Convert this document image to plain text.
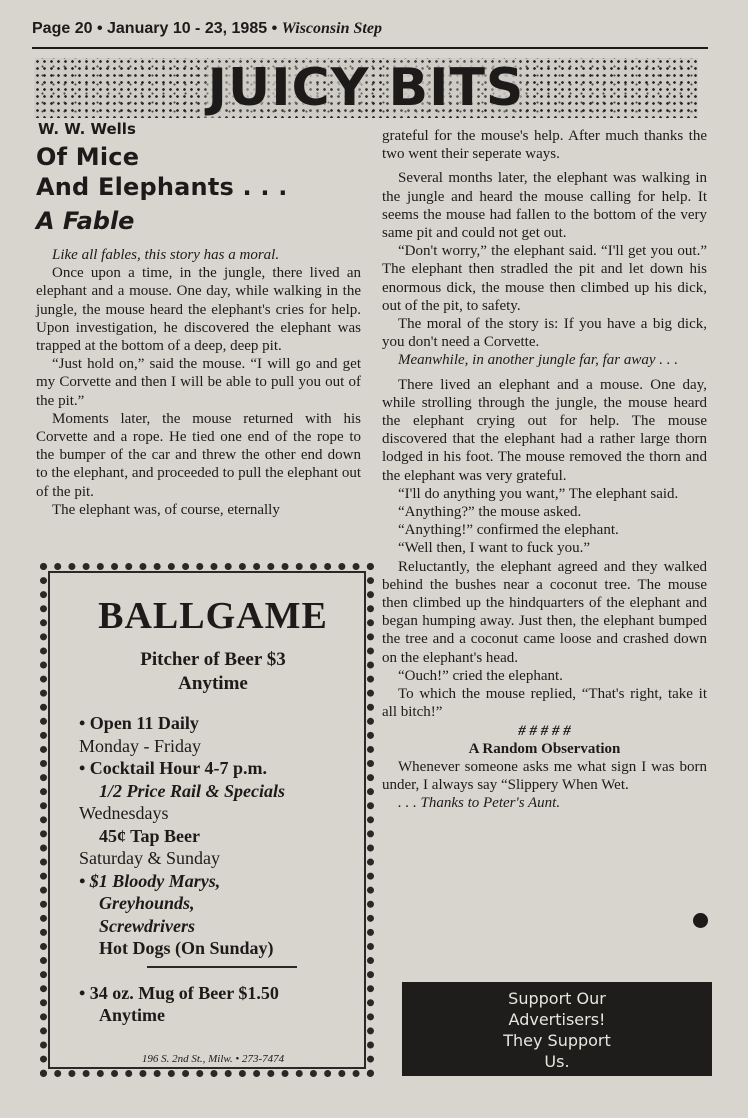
Page 20 • January 10 - 23, 1985 • Wisconsin Step
JUICY BITS
W. W. Wells
Of Mice
And Elephants . . .
A Fable

Like all fables, this story has a moral.

Once upon a time, in the jungle, there lived an elephant and a mouse. One day, while walking in the jungle, the mouse heard the elephant's cries for help. Upon investigation, he discovered the elephant was trapped at the bottom of a deep, deep pit.

“Just hold on,” said the mouse. “I will go and get my Corvette and then I will be able to pull you out of the pit.”

Moments later, the mouse returned with his Corvette and a rope. He tied one end of the rope to the bumper of the car and threw the other end down to the elephant, and proceeded to pull the elephant out of the pit.

The elephant was, of course, eternally

grateful for the mouse's help. After much thanks the two went their seperate ways.

Several months later, the elephant was walking in the jungle and heard the mouse calling for help. It seems the mouse had fallen to the bottom of the very same pit and could not get out.

“Don't worry,” the elephant said. “I'll get you out.” The elephant then stradled the pit and let down his enormous dick, the mouse then climbed up his dick, out of the pit, to safety.

The moral of the story is: If you have a big dick, you don't need a Corvette.

Meanwhile, in another jungle far, far away . . .

There lived an elephant and a mouse. One day, while strolling through the jungle, the mouse heard the elephant crying out for help. The mouse discovered that the elephant had a rather large thorn lodged in his foot. The mouse removed the thorn and the elephant was very grateful.

“I'll do anything you want,” The elephant said.

“Anything?” the mouse asked.

“Anything!” confirmed the elephant.

“Well then, I want to fuck you.”

Reluctantly, the elephant agreed and they walked behind the bushes near a coconut tree. The mouse then climbed up the hindquarters of the elephant and began humping away. Just then, the elephant bumped the tree and a coconut came loose and crashed down on the elephant's head.

“Ouch!” cried the elephant.

To which the mouse replied, “That's right, take it all bitch!”

# # # # #

A Random Observation

Whenever someone asks me what sign I was born under, I always say “Slippery When Wet.

. . . Thanks to Peter's Aunt.

BALLGAME
Pitcher of Beer $3
Anytime
• Open 11 Daily
Monday - Friday
• Cocktail Hour 4-7 p.m.
1/2 Price Rail & Specials
Wednesdays
45¢ Tap Beer
Saturday & Sunday
• $1 Bloody Marys,
Greyhounds,
Screwdrivers
Hot Dogs (On Sunday)
• 34 oz. Mug of Beer $1.50
Anytime
196 S. 2nd St., Milw. • 273-7474
Support Our
Advertisers!
They Support
Us.
